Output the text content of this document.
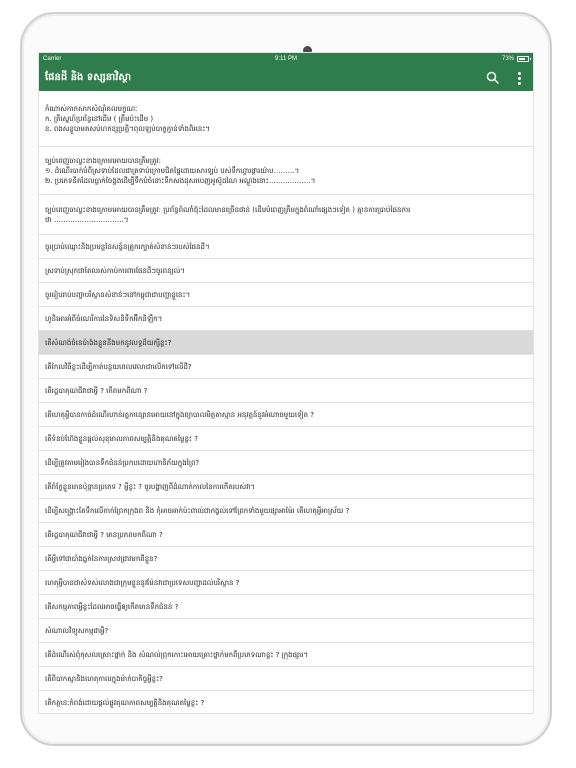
Carrier	9:11 PM	73%
ផែនដី និង ទស្សនាវិស្ថា
កំណាស់កាកសាកសំណុំគលមក្ខណៈ
ក. ត្រីស្នេហ៍ប្រព័ន្ធនៅដើម ( ត្រឹមប៉ះដើម )
ខ. ពងសខ្លួបាមគសប់ហកខ្សប្រត្តិ។ពុលឡប់បាក្ខភ្ជាន់ទាំងពិរនេះ។
ច្បប់ពេញចាល្ខះខាងក្រោមអោយបានត្រឹមត្រូវ:
១. ដំណើរបាក់បំពីស្រទាប់ដែលជាត្រទាប់ក្រោមជិតផ្ទៃដោយសារឡប់ បស់ទឹកហ្វារផ្ការយ៉ាប………។
២. ប្រភេទនីតដែលធ្លាក់ចែង្គងដើម្បីទឹកបំចំនោះទឹកសងដុសរបេញអូស៊ូដណៃ អណ្តូងនោះ………………។
ច្បប់ពេញចាល្ខះខាងក្រោមអោយបានត្រឹមត្រូវ: ប្រព័ន្ធពំណាំ់ធ៊ុះដែលមានច្រើនជាន់ (ដើមបំពេញត្រឹមក្នុងពំណាំផ្សេងៗទៀត ) គ្មានការប្រាប់ផែនការ
ថា …………………………។
ចូរប្រាប់ឈ្មោះនិងប្រមន្ទនៃសន្ធ៍នគ្រូករក្បាត់សំខាន់ៗរបស់ផែនដី។
ស្រទាប់ស្រុកជាតែលរស់កាប់ការពារផែនដីៗចូរពន្យល់។
ចូររៀបរាប់បញ្ហាបរិស្ថានសំខាន់ៗនៅកម្ពុជាជាបញ្ហាខ្លួនេះ។
ហូនិអោរអំពីចំណេរីការនៃទិសនិទឹកអ៊ីកនិឡឹក។
តើសំណង់ចំនេប៉ាង៉ងខ្លួននីងមកនូវលទ្ធដ៏យក្សីខ្លះ?
តើកែលវិធីខ្លះដើម្បីកាត់បន្ថយពេលវេលាជាលើកទៅលើដី?
តើរដ្ឋបាគុណជីវាជាអ្វី ? កើតមកពីណា ?
តើហេតុអ្វីបានកាច់ដំណើរហាន់រត្នកាន្សោនអោយនៅក្នុងព្យាបាលមិត្តតាស្មាន អនុវត្តន៍នូវអំណាចមួយទៀត ?
តើទំនប់ហ៊ែងខ្លួនផ្តល់សុខុមាលភាពសម្បត្តិនិងគុណតម្លៃខ្លះ ?
ដើម្បីត្រូវតាមរៀងបានទឹកជំនន់ប្រកបដោយហានិភ័យក្នុងព្រៃ?
តើរាំក្ខែខ្លួនមានប៉ុន្មានប្រភេទ ? អ្វីខ្លះ ? ចូរបង្ហាញពីដំណាក់កាលនៃការកើតរបស់វា។
ដើម្បីសង្គ្រោះតែទឹកលើកាក់ព្រែកក្រុងព និង កុំអាចអាក់ប៉ះពាល់ជាកង្វល់ទៅព្រែកទាំងមួយផ្សាអាម៉ែរ តើហេតុអ្វីអាស្រ័យ ?
តើរដ្ឋបាគុណជីវាជាអ្វី ? មានប្រភពមកពីណា ?
តើអ្វីទៅជាបាំងធ្នក់នៃការស្រាវជ្រាវមកពីខ្លួន?
ហេតុអ្វីបានជាសំទស់លោងជាក្រុមខ្លួននូវម៉ែនវាជាប្រទេសបញ្ហាដល់បរិស្ថាន ?
តើសកម្មភាពអ្វីខ្លះដែលអាចធ្វើឲ្យកើតមានទឹកជំនន់ ?
សំណាលវិទ្យុសកម្មជាអ្វី?
តើដំណើរស់ពុំកុសលស្រោះថ្នាក់ និង សំណល់ព្រុកកោះអោយគ្រោះថ្នាក់មកពីប្រភេទណាខ្លះ ? ក្រុងផ្សារ។
តើពិបាកស្ញានិងហេតុកាលក្នុងម៉ាក់បាកិច្ចអ្វីខ្លះ?
តើកត្តានៈកំពង់ដោយផ្តល់ផ្លូវគុណភាពសម្បត្តិនិងគុណតម្លៃខ្លះ ?
